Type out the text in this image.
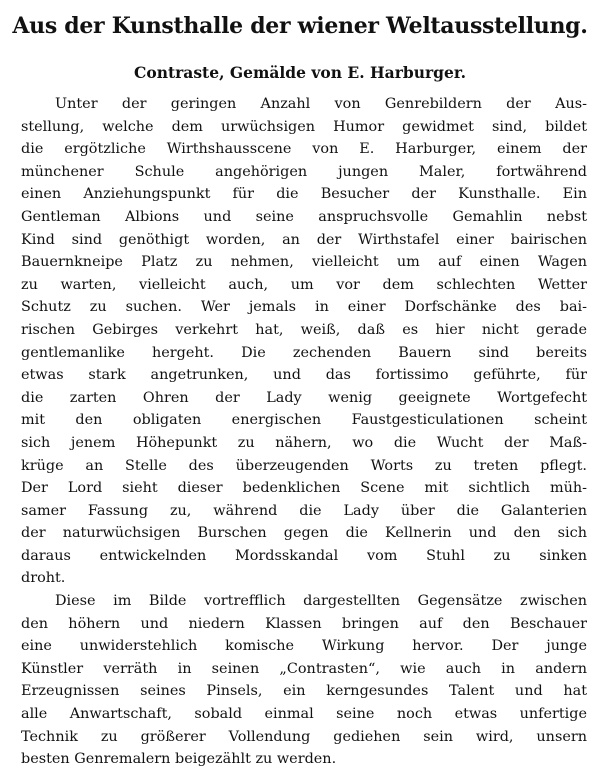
Aus der Kunsthalle der wiener Weltausstellung.
Contraste, Gemälde von E. Harburger.
Unter der geringen Anzahl von Genrebildern der Aus-
stellung, welche dem urwüchsigen Humor gewidmet sind, bildet
die ergötzliche Wirthshausscene von E. Harburger, einem der
münchener Schule angehörigen jungen Maler, fortwährend
einen Anziehungspunkt für die Besucher der Kunsthalle. Ein
Gentleman Albions und seine anspruchsvolle Gemahlin nebst
Kind sind genöthigt worden, an der Wirthstafel einer bairischen
Bauernkneipe Platz zu nehmen, vielleicht um auf einen Wagen
zu warten, vielleicht auch, um vor dem schlechten Wetter
Schutz zu suchen. Wer jemals in einer Dorfschänke des bai-
rischen Gebirges verkehrt hat, weiß, daß es hier nicht gerade
gentlemanlike hergeht. Die zechenden Bauern sind bereits
etwas stark angetrunken, und das fortissimo geführte, für
die zarten Ohren der Lady wenig geeignete Wortgefecht
mit den obligaten energischen Faustgesticulationen scheint
sich jenem Höhepunkt zu nähern, wo die Wucht der Maß-
krüge an Stelle des überzeugenden Worts zu treten pflegt.
Der Lord sieht dieser bedenklichen Scene mit sichtlich müh-
samer Fassung zu, während die Lady über die Galanterien
der naturwüchsigen Burschen gegen die Kellnerin und den sich
daraus entwickelnden Mordsskandal vom Stuhl zu sinken
droht.
Diese im Bilde vortrefflich dargestellten Gegensätze zwischen
den höhern und niedern Klassen bringen auf den Beschauer
eine unwiderstehlich komische Wirkung hervor. Der junge
Künstler verräth in seinen „Contrasten“, wie auch in andern
Erzeugnissen seines Pinsels, ein kerngesundes Talent und hat
alle Anwartschaft, sobald einmal seine noch etwas unfertige
Technik zu größerer Vollendung gediehen sein wird, unsern
besten Genremalern beigezählt zu werden.
